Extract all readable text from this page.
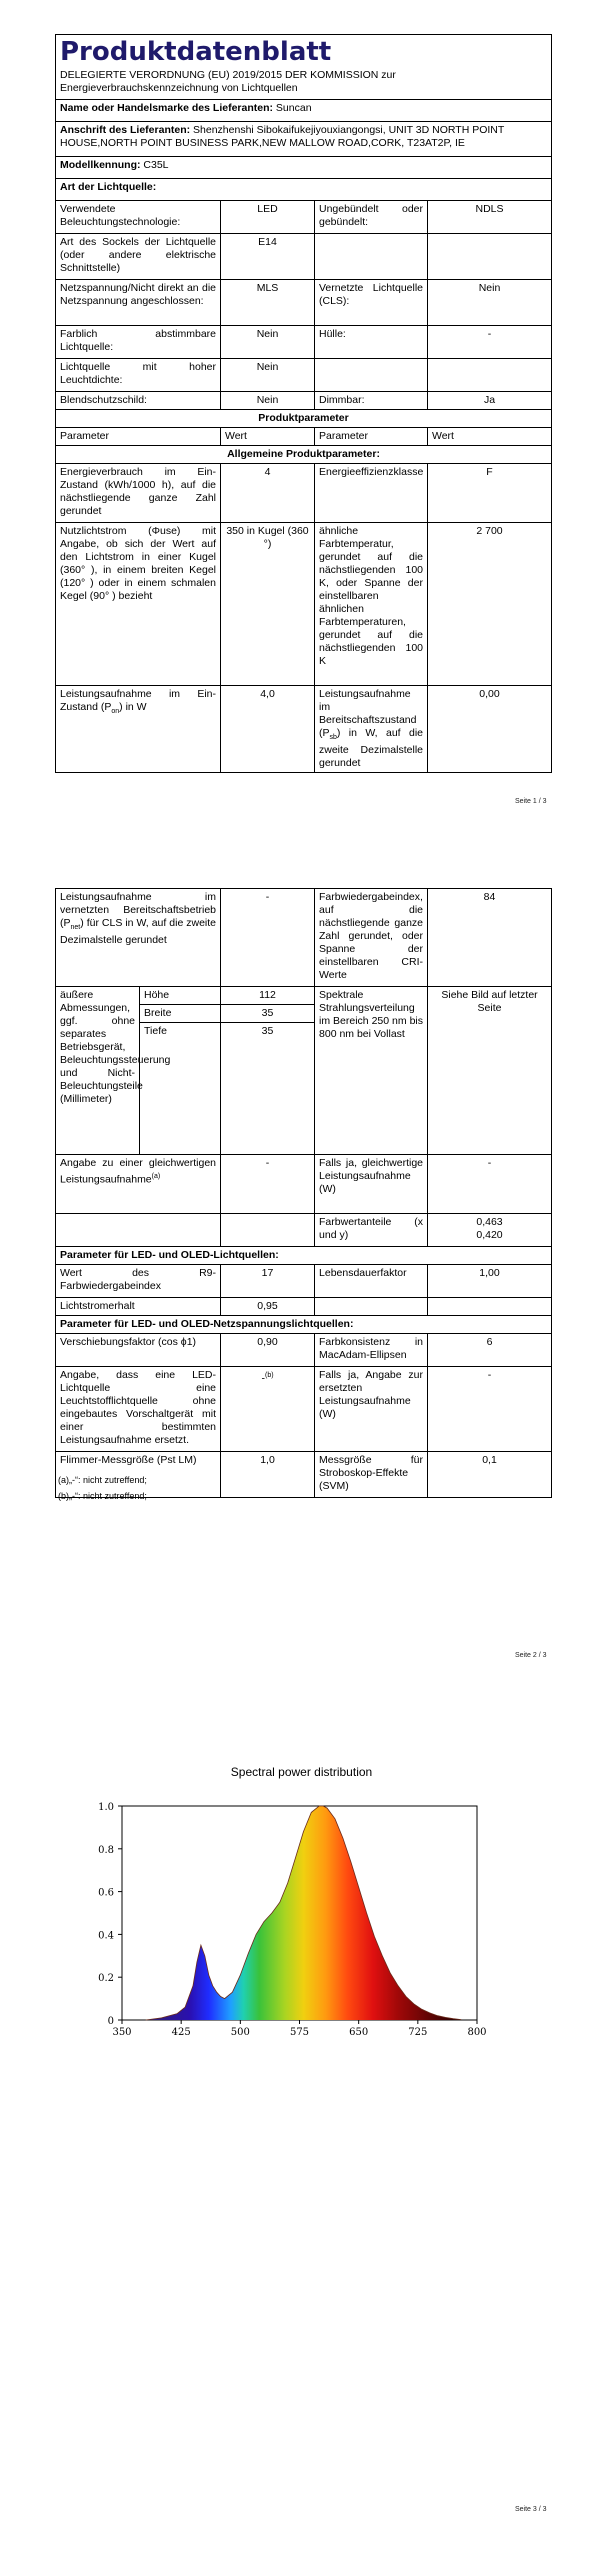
Produktdatenblatt
DELEGIERTE VERORDNUNG (EU) 2019/2015 DER KOMMISSION zur Energieverbrauchskennzeichnung von Lichtquellen			

Name oder Handelsmarke des Lieferanten: Suncan			
Anschrift des Lieferanten: Shenzhenshi Sibokaifukejiyouxiangongsi, UNIT 3D NORTH POINT HOUSE,NORTH POINT BUSINESS PARK,NEW MALLOW ROAD,CORK, T23AT2P, IE			
Modellkennung: C35L			
Art der Lichtquelle:			
Verwendete Beleuchtungstechnologie:	LED	Ungebündelt oder gebündelt:	NDLS
Art des Sockels der Lichtquelle (oder andere elektrische Schnittstelle)	E14		
Netzspannung/Nicht direkt an die Netzspannung angeschlossen:	MLS	Vernetzte Lichtquelle (CLS):	Nein
Farblich abstimmbare Lichtquelle:	Nein	Hülle:	-
Lichtquelle mit hoher Leuchtdichte:	Nein		
Blendschutzschild:	Nein	Dimmbar:	Ja
Produktparameter			
Parameter	Wert	Parameter	Wert
Allgemeine Produktparameter:			
Energieverbrauch im Ein-Zustand (kWh/1000 h), auf die nächstliegende ganze Zahl gerundet	4	Energieeffizienzklasse	F
Nutzlichtstrom (Φuse) mit Angabe, ob sich der Wert auf den Lichtstrom in einer Kugel (360° ), in einem breiten Kegel (120° ) oder in einem schmalen Kegel (90° ) bezieht	350 in Kugel (360 °)	ähnliche Farbtemperatur, gerundet auf die nächstliegenden 100 K, oder Spanne der einstellbaren ähnlichen Farbtemperaturen, gerundet auf die nächstliegenden 100 K	2 700
Leistungsaufnahme im Ein-Zustand $(P_{on})$ in W	4,0	Leistungsaufnahme im Bereitschaftszustand $(P_{sb})$ in W, auf die zweite Dezimalstelle gerundet	0,00
Seite 1 / 3
Leistungsaufnahme im vernetzten Bereitschaftsbetrieb $(P_{net})$ für CLS in W, auf die zweite Dezimalstelle gerundet		-	Farbwiedergabeindex, auf die nächstliegende ganze Zahl gerundet, oder Spanne der einstellbaren CRI-Werte	84
äußere Abmessungen, ggf. ohne separates Betriebsgerät, Beleuchtungssteuerung und Nicht-Beleuchtungsteile (Millimeter)	Höhe	112	Spektrale Strahlungsverteilung im Bereich 250 nm bis 800 nm bei Vollast	Siehe Bild auf letzter Seite
	Breite	35		
	Tiefe	35		
Angabe zu einer gleichwertigen Leistungsaufnahme$^{(a)}$		-	Falls ja, gleichwertige Leistungsaufnahme (W)	-
			Farbwertanteile (x und y)	0,463
0,420

Parameter für LED- und OLED-Lichtquellen:				
Wert des R9-Farbwiedergabeindex		17	Lebensdauerfaktor	1,00
Lichtstromerhalt		0,95		
Parameter für LED- und OLED-Netzspannungslichtquellen:				
Verschiebungsfaktor (cos ϕ1)		0,90	Farbkonsistenz in MacAdam-Ellipsen	6
Angabe, dass eine LED-Lichtquelle eine Leuchtstofflichtquelle ohne eingebautes Vorschaltgerät mit einer bestimmten Leistungsaufnahme ersetzt.		-$^{(b)}$	Falls ja, Angabe zur ersetzten Leistungsaufnahme (W)	-
Flimmer-Messgröße (Pst LM)		1,0	Messgröße für Stroboskop-Effekte (SVM)	0,1
(a)„-“: nicht zutreffend;
(b)„-“: nicht zutreffend;
Seite 2 / 3
Spectral power distribution
350	425	500	575	650	725	800
0
0.2
0.4
0.6
0.8
1.0
Seite 3 / 3
